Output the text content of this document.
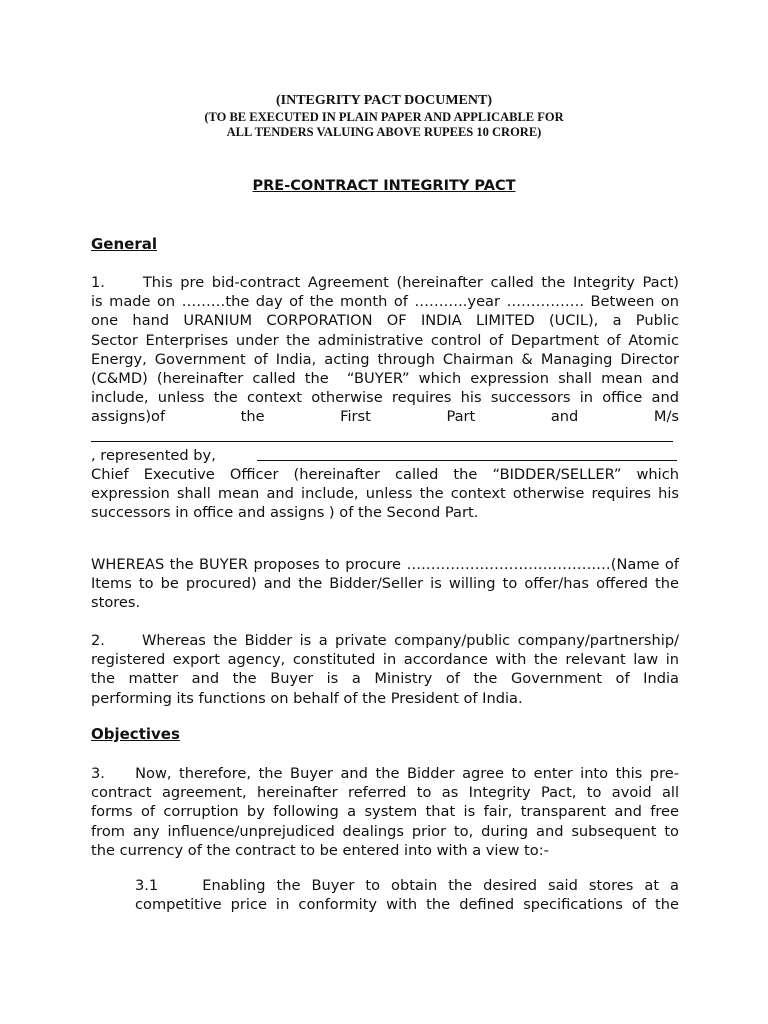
(INTEGRITY PACT DOCUMENT)
(TO BE EXECUTED IN PLAIN PAPER AND APPLICABLE FOR
ALL TENDERS VALUING ABOVE RUPEES 10 CRORE)
PRE-CONTRACT INTEGRITY PACT
General
1.     This pre bid-contract Agreement (hereinafter called the Integrity Pact)
is made on ………the day of the month of ………..year ……………. Between on
one hand URANIUM CORPORATION OF INDIA LIMITED (UCIL), a Public
Sector Enterprises under the administrative control of Department of Atomic
Energy, Government of India, acting through Chairman & Managing Director
(C&MD) (hereinafter called the  “BUYER” which expression shall mean and
include, unless the context otherwise requires his successors in office and
assigns)of	the	First	Part	and	M/s
, represented by,
Chief Executive Officer (hereinafter called the “BIDDER/SELLER” which
expression shall mean and include, unless the context otherwise requires his
successors in office and assigns ) of the Second Part.
WHEREAS the BUYER proposes to procure ……………………………………(Name of
Items to be procured) and the Bidder/Seller is willing to offer/has offered the
stores.
2.     Whereas the Bidder is a private company/public company/partnership/
registered export agency, constituted in accordance with the relevant law in
the matter and the Buyer is a Ministry of the Government of India
performing its functions on behalf of the President of India.
Objectives
3.    Now, therefore, the Buyer and the Bidder agree to enter into this pre-
contract agreement, hereinafter referred to as Integrity Pact, to avoid all
forms of corruption by following a system that is fair, transparent and free
from any influence/unprejudiced dealings prior to, during and subsequent to
the currency of the contract to be entered into with a view to:-
3.1    Enabling the Buyer to obtain the desired said stores at a
competitive price in conformity with the defined specifications of the
